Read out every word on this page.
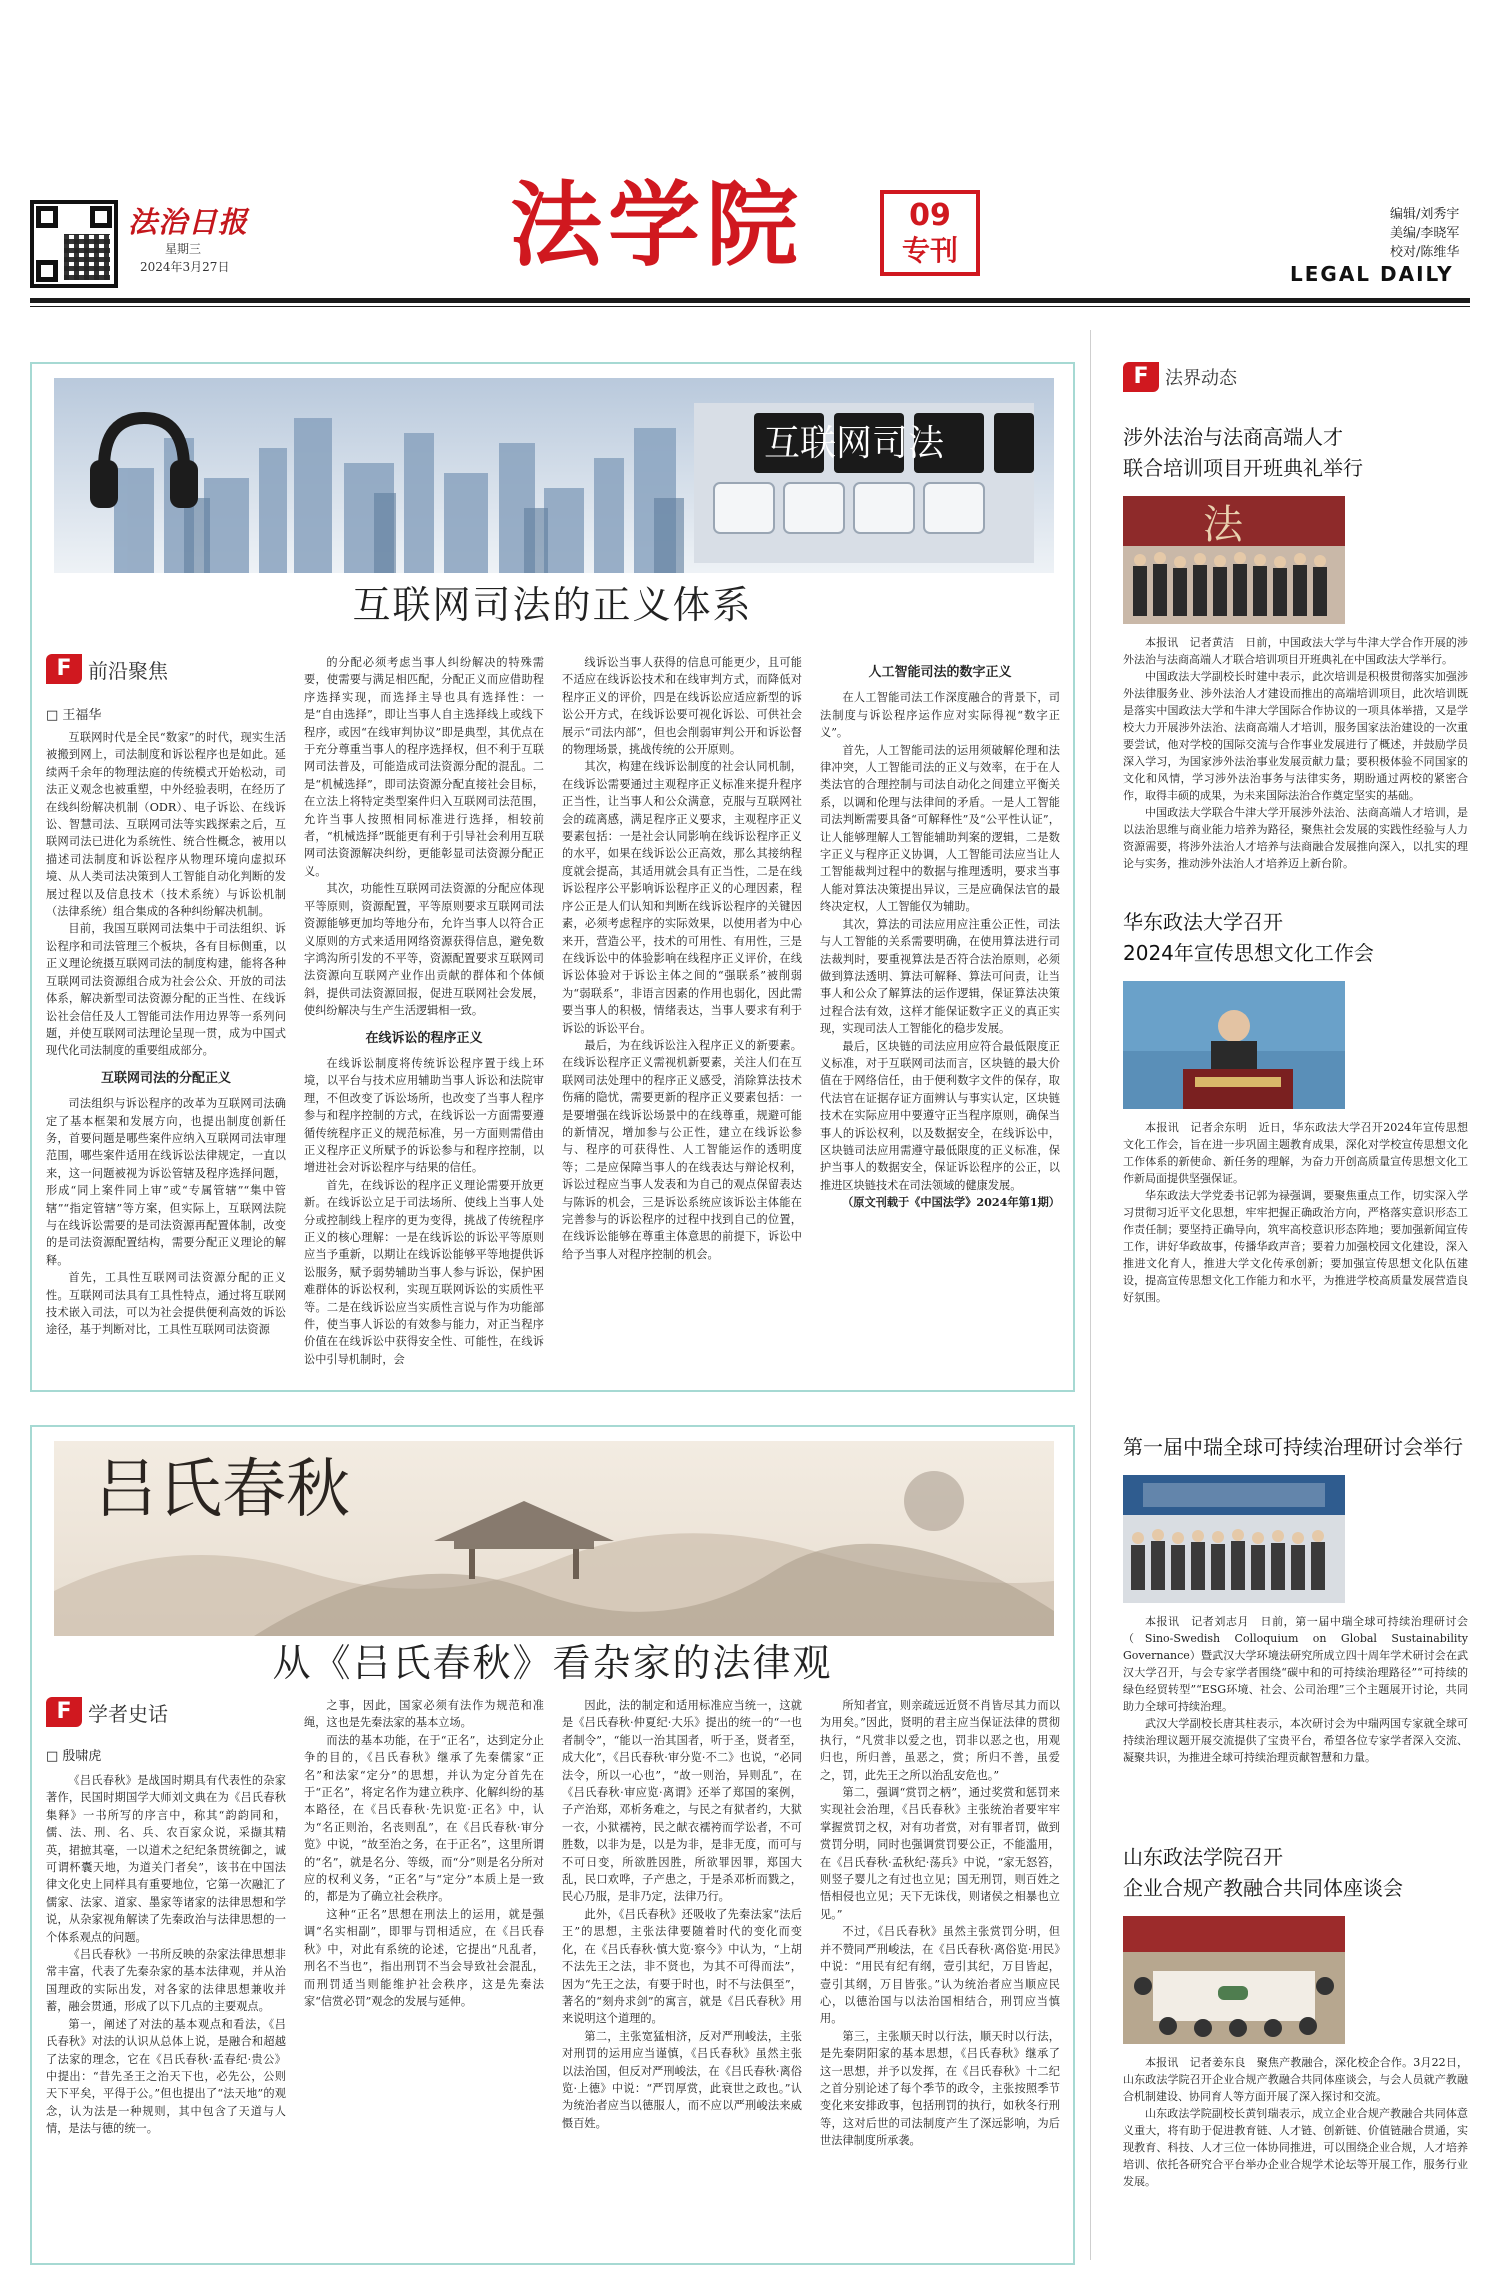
法治日报
星期三
2024年3月27日	法学院	09
专刊
编辑/刘秀宇
美编/李晓军
校对/陈维华
LEGAL DAILY
互联网司法
互联网司法的正义体系
F 前沿聚焦
□ 王福华

互联网时代是全民“数家”的时代，现实生活被搬到网上，司法制度和诉讼程序也是如此。延续两千余年的物理法庭的传统模式开始松动，司法正义观念也被重塑，中外经验表明，在经历了在线纠纷解决机制（ODR）、电子诉讼、在线诉讼、智慧司法、互联网司法等实践探索之后，互联网司法已进化为系统性、统合性概念，被用以描述司法制度和诉讼程序从物理环境向虚拟环境、从人类司法决策到人工智能自动化判断的发展过程以及信息技术（技术系统）与诉讼机制（法律系统）组合集成的各种纠纷解决机制。

目前，我国互联网司法集中于司法组织、诉讼程序和司法管理三个板块，各有目标侧重，以正义理论统摄互联网司法的制度构建，能将各种互联网司法资源组合成为社会公众、开放的司法体系，解决新型司法资源分配的正当性、在线诉讼社会信任及人工智能司法作用边界等一系列问题，并使互联网司法理论呈现一贯，成为中国式现代化司法制度的重要组成部分。

互联网司法的分配正义

司法组织与诉讼程序的改革为互联网司法确定了基本框架和发展方向，也提出制度创新任务，首要问题是哪些案件应纳入互联网司法审理范围，哪些案件适用在线诉讼法律规定，一直以来，这一问题被视为诉讼管辖及程序选择问题，形成“同上案件同上审”或“专属管辖”“集中管辖”“指定管辖”等方案，但实际上，互联网法院与在线诉讼需要的是司法资源再配置体制，改变的是司法资源配置结构，需要分配正义理论的解释。

首先，工具性互联网司法资源分配的正义性。互联网司法具有工具性特点，通过将互联网技术嵌入司法，可以为社会提供便利高效的诉讼途径，基于判断对比，工具性互联网司法资源

的分配必须考虑当事人纠纷解决的特殊需要，使需要与满足相匹配，分配正义而应借助程序选择实现，而选择主导也具有选择性：一是“自由选择”，即让当事人自主选择线上或线下程序，或因“在线审判协议”即是典型，其优点在于充分尊重当事人的程序选择权，但不利于互联网司法普及，可能造成司法资源分配的混乱。二是“机械选择”，即司法资源分配直接社会目标，在立法上将特定类型案件归入互联网司法范围，允许当事人按照相同标准进行选择，相较前者，“机械选择”既能更有利于引导社会利用互联网司法资源解决纠纷，更能彰显司法资源分配正义。

其次，功能性互联网司法资源的分配应体现平等原则，资源配置，平等原则要求互联网司法资源能够更加均等地分布，允许当事人以符合正义原则的方式来适用网络资源获得信息，避免数字鸿沟所引发的不平等，资源配置要求互联网司法资源向互联网产业作出贡献的群体和个体倾斜，提供司法资源回报，促进互联网社会发展，使纠纷解决与生产生活逻辑相一致。

在线诉讼的程序正义

在线诉讼制度将传统诉讼程序置于线上环境，以平台与技术应用辅助当事人诉讼和法院审理，不但改变了诉讼场所，也改变了当事人程序参与和程序控制的方式，在线诉讼一方面需要遵循传统程序正义的规范标准，另一方面则需借由正义程序正义所赋予的诉讼参与和程序控制，以增进社会对诉讼程序与结果的信任。

首先，在线诉讼的程序正义理论需要开放更新。在线诉讼立足于司法场所、使线上当事人处分或控制线上程序的更为变得，挑战了传统程序正义的核心理解：一是在线诉讼的诉讼平等原则应当予重新，以期让在线诉讼能够平等地提供诉讼服务，赋予弱势辅助当事人参与诉讼，保护困难群体的诉讼权利，实现互联网诉讼的实质性平等。二是在线诉讼应当实质性言说与作为功能部件，使当事人诉讼的有效参与能力，对正当程序价值在在线诉讼中获得安全性、可能性，在线诉讼中引导机制时，会

线诉讼当事人获得的信息可能更少，且可能不适应在线诉讼技术和在线审判方式，而降低对程序正义的评价，四是在线诉讼应适应新型的诉讼公开方式，在线诉讼要可视化诉讼、可供社会展示“司法内部”，但也会削弱审判公开和诉讼督的物理场景，挑战传统的公开原则。

其次，构建在线诉讼制度的社会认同机制，在线诉讼需要通过主观程序正义标准来提升程序正当性，让当事人和公众满意，克服与互联网社会的疏离感，满足程序正义要求，主观程序正义要素包括：一是社会认同影响在线诉讼程序正义的水平，如果在线诉讼公正高效，那么其接纳程度就会提高，其适用就会具有正当性，二是在线诉讼程序公平影响诉讼程序正义的心理因素，程序公正是人们认知和判断在线诉讼程序的关键因素，必须考虑程序的实际效果，以使用者为中心来开，营造公平，技术的可用性、有用性，三是在线诉讼中的体验影响在线程序正义评价，在线诉讼体验对于诉讼主体之间的“强联系”被削弱为“弱联系”，非语言因素的作用也弱化，因此需要当事人的积极，情绪表达，当事人要求有利于诉讼的诉讼平台。

最后，为在线诉讼注入程序正义的新要素。在线诉讼程序正义需视机新要素，关注人们在互联网司法处理中的程序正义感受，消除算法技术伤痛的隐忧，需要更新的程序正义要素包括：一是要增强在线诉讼场景中的在线尊重，规避可能的新情况，增加参与公正性，建立在线诉讼参与、程序的可获得性、人工智能运作的透明度等；二是应保障当事人的在线表达与辩论权利，诉讼过程应当事人发表和为自己的观点保留表达与陈诉的机会，三是诉讼系统应该诉讼主体能在完善参与的诉讼程序的过程中找到自己的位置，在线诉讼能够在尊重主体意思的前提下，诉讼中给予当事人对程序控制的机会。

人工智能司法的数字正义

在人工智能司法工作深度融合的背景下，司法制度与诉讼程序运作应对实际得视“数字正义”。

首先，人工智能司法的运用须破解伦理和法律冲突，人工智能司法的正义与效率，在于在人类法官的合理控制与司法自动化之间建立平衡关系，以调和伦理与法律间的矛盾。一是人工智能司法判断需要具备“可解释性”及“公平性认证”，让人能够理解人工智能辅助判案的逻辑，二是数字正义与程序正义协调，人工智能司法应当让人工智能裁判过程中的数据与推理透明，要求当事人能对算法决策提出异议，三是应确保法官的最终决定权，人工智能仅为辅助。

其次，算法的司法应用应注重公正性，司法与人工智能的关系需要明确，在使用算法进行司法裁判时，要重视算法是否符合法治原则，必须做到算法透明、算法可解释、算法可问责，让当事人和公众了解算法的运作逻辑，保证算法决策过程合法有效，这样才能保证数字正义的真正实现，实现司法人工智能化的稳步发展。

最后，区块链的司法应用应符合最低限度正义标准，对于互联网司法而言，区块链的最大价值在于网络信任，由于便利数字文件的保存，取代法官在证据存证方面辨认与事实认定，区块链技术在实际应用中要遵守正当程序原则，确保当事人的诉讼权利，以及数据安全，在线诉讼中，区块链司法应用需遵守最低限度的正义标准，保护当事人的数据安全，保证诉讼程序的公正，以推进区块链技术在司法领域的健康发展。

（原文刊载于《中国法学》2024年第1期）

吕氏春秋
从《吕氏春秋》看杂家的法律观
F 学者史话
□ 殷啸虎

《吕氏春秋》是战国时期具有代表性的杂家著作，民国时期国学大师刘文典在为《吕氏春秋集释》一书所写的序言中，称其“韵韵同和，儒、法、刑、名、兵、农百家众说，采撷其精英，捃摭其毫，一以道术之纪纪条贯统御之，诚可谓杯囊天地，为道关门者矣”，该书在中国法律文化史上同样具有重要地位，它第一次融汇了儒家、法家、道家、墨家等诸家的法律思想和学说，从杂家视角解读了先秦政治与法律思想的一个体系观点的问题。

《吕氏春秋》一书所反映的杂家法律思想非常丰富，代表了先秦杂家的基本法律观，并从治国理政的实际出发，对各家的法律思想兼收并蓄，融会贯通，形成了以下几点的主要观点。

第一，阐述了对法的基本观点和看法，《吕氏春秋》对法的认识从总体上说，是融合和超越了法家的理念，它在《吕氏春秋·孟春纪·贵公》中提出：“昔先圣王之治天下也，必先公，公则天下平矣，平得于公。”但也提出了“法天地”的观念，认为法是一种规则，其中包含了天道与人情，是法与德的统一。

之事，因此，国家必须有法作为规范和准绳，这也是先秦法家的基本立场。

而法的基本功能，在于“正名”，达到定分止争的目的，《吕氏春秋》继承了先秦儒家“正名”和法家“定分”的思想，并认为定分首先在于“正名”，将定名作为建立秩序、化解纠纷的基本路径，在《吕氏春秋·先识览·正名》中，认为“名正则治，名丧则乱”，在《吕氏春秋·审分览》中说，“故至治之务，在于正名”，这里所谓的“名”，就是名分、等级，而“分”则是名分所对应的权利义务，“正名”与“定分”本质上是一致的，都是为了确立社会秩序。

这种“正名”思想在刑法上的运用，就是强调“名实相副”，即罪与罚相适应，在《吕氏春秋》中，对此有系统的论述，它提出“凡乱者，刑名不当也”，指出刑罚不当会导致社会混乱，而刑罚适当则能维护社会秩序，这是先秦法家“信赏必罚”观念的发展与延伸。

因此，法的制定和适用标准应当统一，这就是《吕氏春秋·仲夏纪·大乐》提出的统一的“一也者制令”，“能以一治其国者，听于圣，贤者至，成大化”，《吕氏春秋·审分览·不二》也说，“必同法令，所以一心也”，“故一则治，异则乱”，在《吕氏春秋·审应览·离谓》还举了郑国的案例，子产治郑，邓析务难之，与民之有狱者约，大狱一衣，小狱襦袴，民之献衣襦袴而学讼者，不可胜数，以非为是，以是为非，是非无度，而可与不可日变，所欲胜因胜，所欲罪因罪，郑国大乱，民口欢哗，子产患之，于是杀邓析而戮之，民心乃服，是非乃定，法律乃行。

此外，《吕氏春秋》还吸收了先秦法家“法后王”的思想，主张法律要随着时代的变化而变化，在《吕氏春秋·慎大览·察今》中认为，“上胡不法先王之法，非不贤也，为其不可得而法”，因为“先王之法，有要于时也，时不与法俱至”，著名的“刻舟求剑”的寓言，就是《吕氏春秋》用来说明这个道理的。

第二，主张宽猛相济，反对严刑峻法，主张对刑罚的运用应当谨慎，《吕氏春秋》虽然主张以法治国，但反对严刑峻法，在《吕氏春秋·离俗览·上德》中说：“严罚厚赏，此衰世之政也。”认为统治者应当以德服人，而不应以严刑峻法来威慑百姓。

所知者宜，则亲疏远近贤不肖皆尽其力而以为用矣。”因此，贤明的君主应当保证法律的贯彻执行，“凡赏非以爱之也，罚非以恶之也，用观归也，所归善，虽恶之，赏；所归不善，虽爱之，罚，此先王之所以治乱安危也。”

第二，强调“赏罚之柄”，通过奖赏和惩罚来实现社会治理，《吕氏春秋》主张统治者要牢牢掌握赏罚之权，对有功者赏，对有罪者罚，做到赏罚分明，同时也强调赏罚要公正，不能滥用，在《吕氏春秋·孟秋纪·荡兵》中说，“家无怒笞，则竖子婴儿之有过也立见；国无刑罚，则百姓之悟相侵也立见；天下无诛伐，则诸侯之相暴也立见。”

不过，《吕氏春秋》虽然主张赏罚分明，但并不赞同严刑峻法，在《吕氏春秋·离俗览·用民》中说：“用民有纪有纲，壹引其纪，万目皆起，壹引其纲，万目皆张。”认为统治者应当顺应民心，以德治国与以法治国相结合，刑罚应当慎用。

第三，主张顺天时以行法，顺天时以行法，是先秦阴阳家的基本思想，《吕氏春秋》继承了这一思想，并予以发挥，在《吕氏春秋》十二纪之首分别论述了每个季节的政令，主张按照季节变化来安排政事，包括刑罚的执行，如秋冬行刑等，这对后世的司法制度产生了深远影响，为后世法律制度所承袭。

F 法界动态
涉外法治与法商高端人才
联合培训项目开班典礼举行
法

本报讯　记者黄洁　日前，中国政法大学与牛津大学合作开展的涉外法治与法商高端人才联合培训项目开班典礼在中国政法大学举行。

中国政法大学副校长时建中表示，此次培训是积极贯彻落实加强涉外法律服务业、涉外法治人才建设而推出的高端培训项目，此次培训既是落实中国政法大学和牛津大学国际合作协议的一项具体举措，又是学校大力开展涉外法治、法商高端人才培训，服务国家法治建设的一次重要尝试，他对学校的国际交流与合作事业发展进行了概述，并鼓励学员深入学习，为国家涉外法治事业发展贡献力量；要积极体验不同国家的文化和风情，学习涉外法治事务与法律实务，期盼通过两校的紧密合作，取得丰硕的成果，为未来国际法治合作奠定坚实的基础。

中国政法大学联合牛津大学开展涉外法治、法商高端人才培训，是以法治思维与商业能力培养为路径，聚焦社会发展的实践性经验与人力资源需要，将涉外法治人才培养与法商融合发展推向深入，以扎实的理论与实务，推动涉外法治人才培养迈上新台阶。

华东政法大学召开
2024年宣传思想文化工作会

本报讯　记者余东明　近日，华东政法大学召开2024年宣传思想文化工作会，旨在进一步巩固主题教育成果，深化对学校宣传思想文化工作体系的新使命、新任务的理解，为奋力开创高质量宣传思想文化工作新局面提供坚强保证。

华东政法大学党委书记郭为禄强调，要聚焦重点工作，切实深入学习贯彻习近平文化思想，牢牢把握正确政治方向，严格落实意识形态工作责任制；要坚持正确导向，筑牢高校意识形态阵地；要加强新闻宣传工作，讲好华政故事，传播华政声音；要着力加强校园文化建设，深入推进文化育人，推进大学文化传承创新；要加强宣传思想文化队伍建设，提高宣传思想文化工作能力和水平，为推进学校高质量发展营造良好氛围。

第一届中瑞全球可持续治理研讨会举行

本报讯　记者刘志月　日前，第一届中瑞全球可持续治理研讨会（Sino-Swedish Colloquium on Global Sustainability Governance）暨武汉大学环境法研究所成立四十周年学术研讨会在武汉大学召开，与会专家学者围绕“碳中和的可持续治理路径”“可持续的绿色经贸转型”“ESG环境、社会、公司治理”三个主题展开讨论，共同助力全球可持续治理。

武汉大学副校长唐其柱表示，本次研讨会为中瑞两国专家就全球可持续治理议题开展交流提供了宝贵平台，希望各位专家学者深入交流、凝聚共识，为推进全球可持续治理贡献智慧和力量。

山东政法学院召开
企业合规产教融合共同体座谈会

本报讯　记者姜东良　聚焦产教融合，深化校企合作。3月22日，山东政法学院召开企业合规产教融合共同体座谈会，与会人员就产教融合机制建设、协同育人等方面开展了深入探讨和交流。

山东政法学院副校长黄钊瑞表示，成立企业合规产教融合共同体意义重大，将有助于促进教育链、人才链、创新链、价值链融合贯通，实现教育、科技、人才三位一体协同推进，可以围绕企业合规，人才培养培训、依托各研究合平台举办企业合规学术论坛等开展工作，服务行业发展。
